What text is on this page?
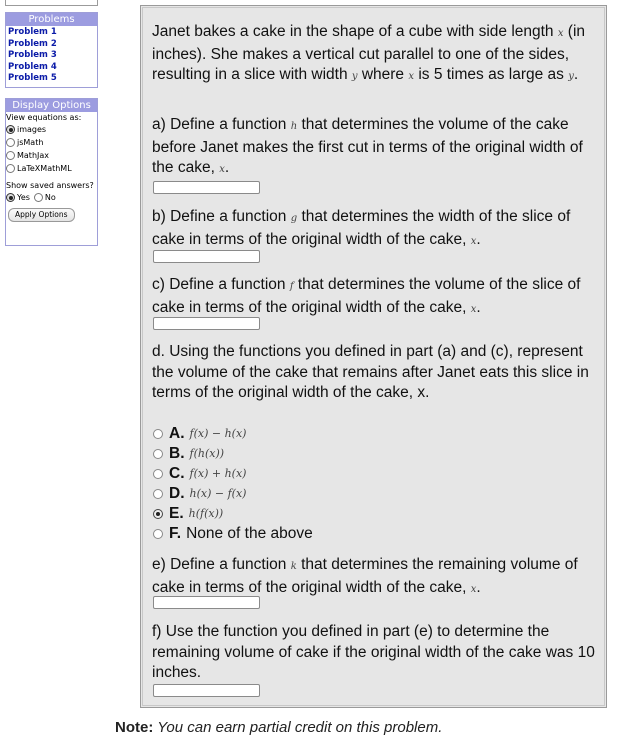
Problems
Problem 1
Problem 2
Problem 3
Problem 4
Problem 5
Display Options
View equations as:
images
jsMath
MathJax
LaTeXMathML
Show saved answers?
Yes No
Apply Options
Janet bakes a cake in the shape of a cube with side length x (in inches). She makes a vertical cut parallel to one of the sides, resulting in a slice with width y where x is 5 times as large as y.
a) Define a function h that determines the volume of the cake before Janet makes the first cut in terms of the original width of the cake, x.
b) Define a function g that determines the width of the slice of cake in terms of the original width of the cake, x.
c) Define a function f that determines the volume of the slice of cake in terms of the original width of the cake, x.
d. Using the functions you defined in part (a) and (c), represent the volume of the cake that remains after Janet eats this slice in terms of the original width of the cake, x.
A. f(x) − h(x)
B. f(h(x))
C. f(x) + h(x)
D. h(x) − f(x)
E. h(f(x))
F. None of the above
e) Define a function k that determines the remaining volume of cake in terms of the original width of the cake, x.
f) Use the function you defined in part (e) to determine the remaining volume of cake if the original width of the cake was 10 inches.
Note: You can earn partial credit on this problem.
